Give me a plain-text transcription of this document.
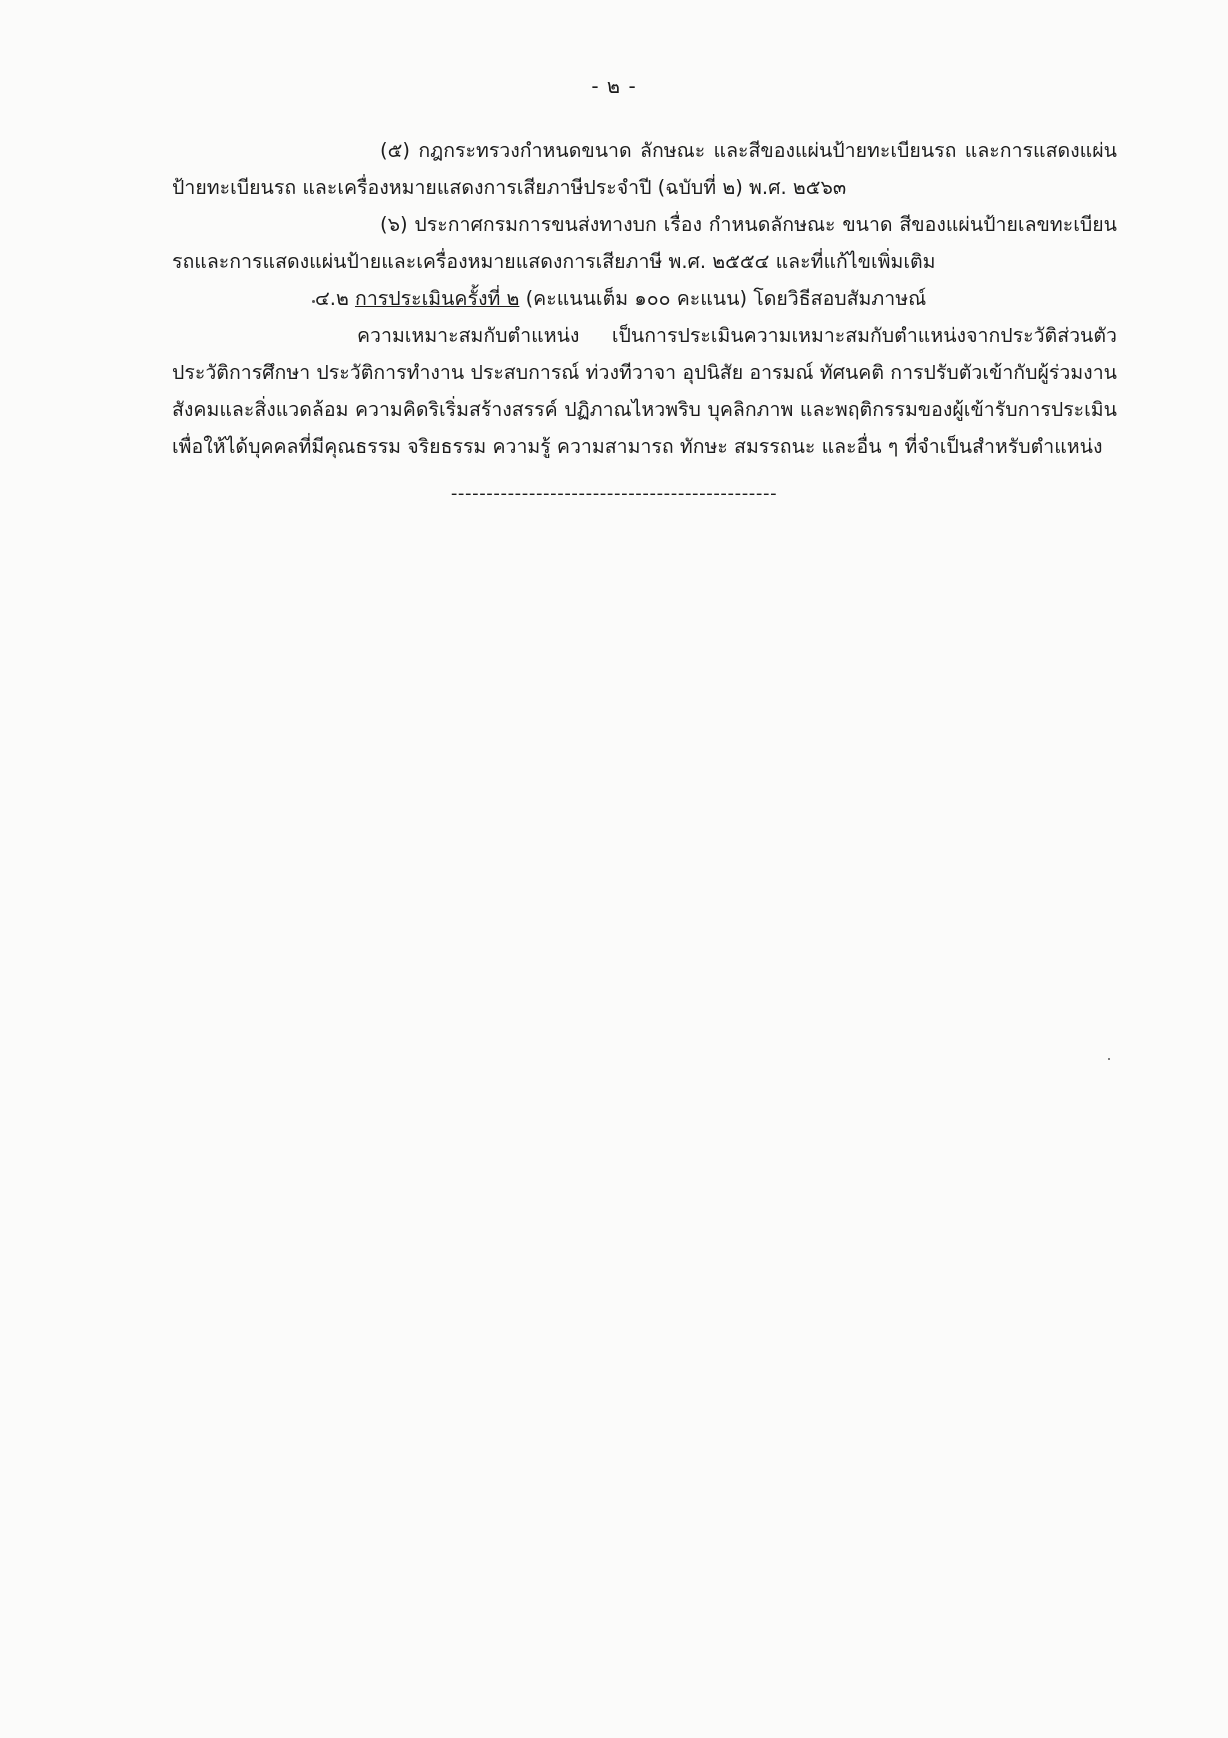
- ๒ -

(๕) กฎกระทรวงกำหนดขนาด ลักษณะ และสีของแผ่นป้ายทะเบียนรถ และการแสดงแผ่นป้ายทะเบียนรถ และเครื่องหมายแสดงการเสียภาษีประจำปี (ฉบับที่ ๒) พ.ศ. ๒๕๖๓

(๖) ประกาศกรมการขนส่งทางบก เรื่อง กำหนดลักษณะ ขนาด สีของแผ่นป้ายเลขทะเบียนรถและการแสดงแผ่นป้ายและเครื่องหมายแสดงการเสียภาษี พ.ศ. ๒๕๕๔ และที่แก้ไขเพิ่มเติม

๔.๒ การประเมินครั้งที่ ๒ (คะแนนเต็ม ๑๐๐ คะแนน) โดยวิธีสอบสัมภาษณ์

ความเหมาะสมกับตำแหน่ง เป็นการประเมินความเหมาะสมกับตำแหน่งจากประวัติส่วนตัว ประวัติการศึกษา ประวัติการทำงาน ประสบการณ์ ท่วงทีวาจา อุปนิสัย อารมณ์ ทัศนคติ การปรับตัวเข้ากับผู้ร่วมงาน สังคมและสิ่งแวดล้อม ความคิดริเริ่มสร้างสรรค์ ปฏิภาณไหวพริบ บุคลิกภาพ และพฤติกรรมของผู้เข้ารับการประเมิน เพื่อให้ได้บุคคลที่มีคุณธรรม จริยธรรม ความรู้ ความสามารถ ทักษะ สมรรถนะ และอื่น ๆ ที่จำเป็นสำหรับตำแหน่ง

----------------------------------------------
